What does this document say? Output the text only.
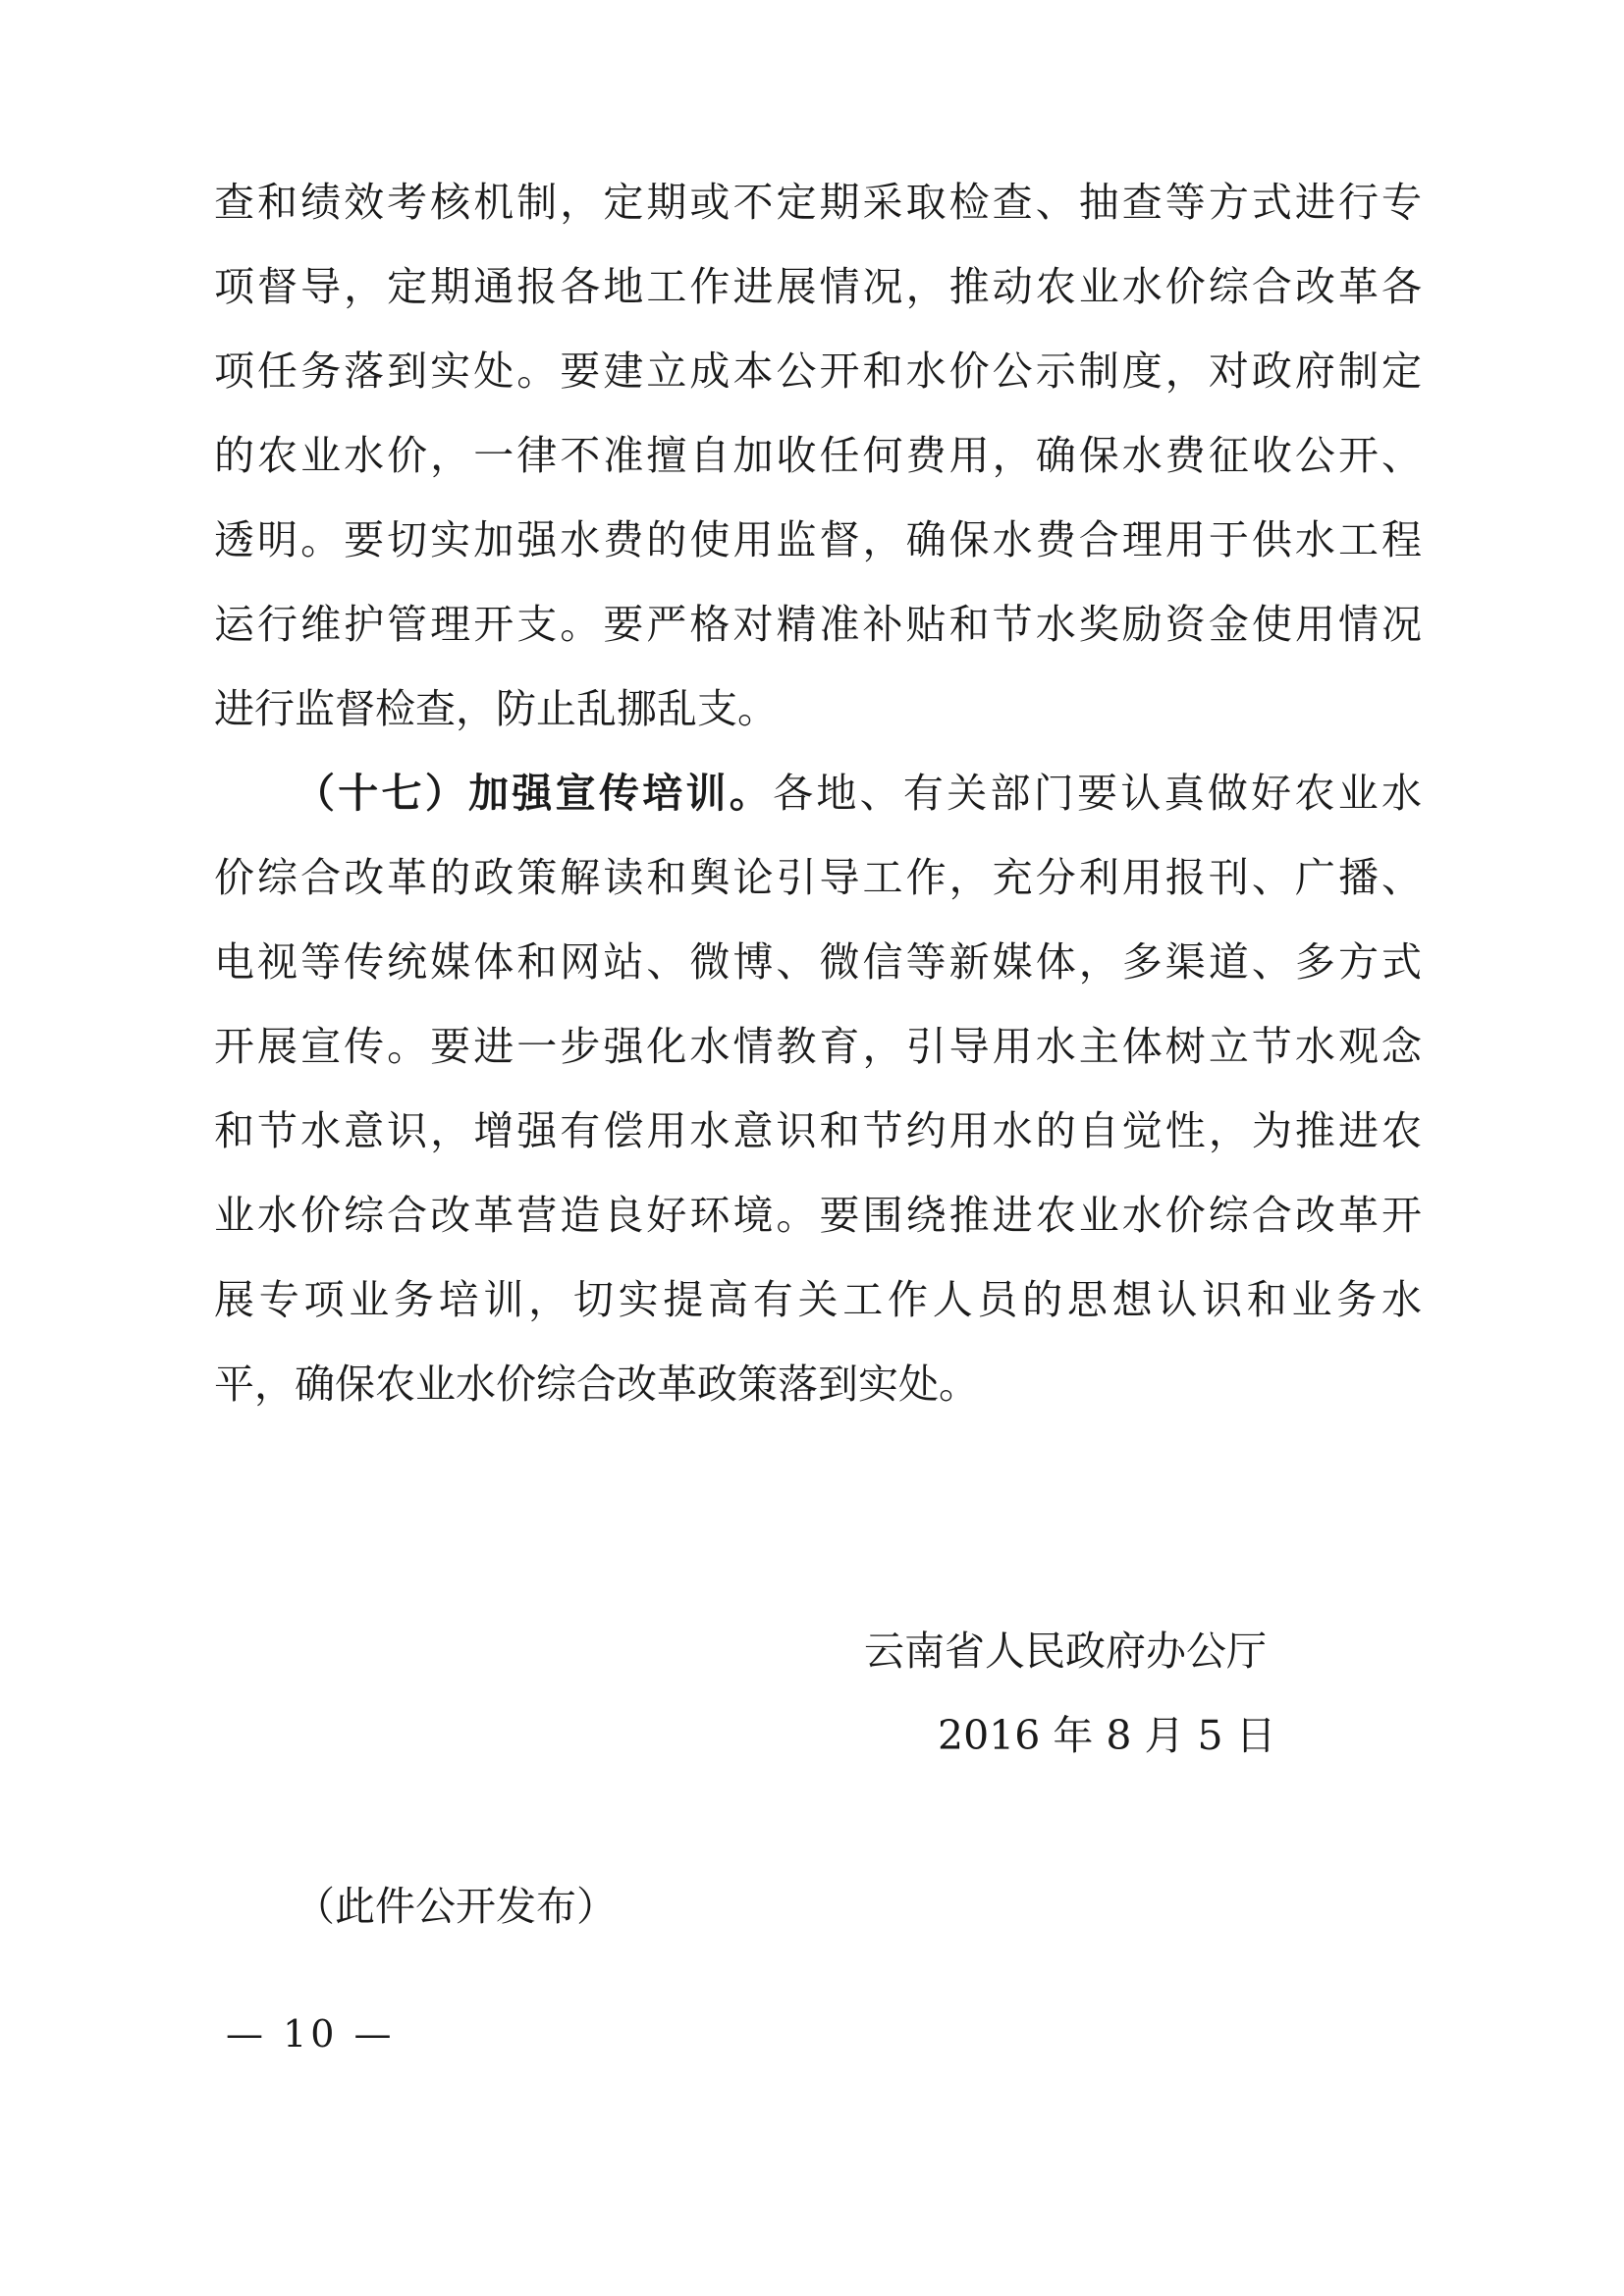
查和绩效考核机制，定期或不定期采取检查、抽查等方式进行专
项督导，定期通报各地工作进展情况，推动农业水价综合改革各
项任务落到实处。要建立成本公开和水价公示制度，对政府制定
的农业水价，一律不准擅自加收任何费用，确保水费征收公开、
透明。要切实加强水费的使用监督，确保水费合理用于供水工程
运行维护管理开支。要严格对精准补贴和节水奖励资金使用情况
进行监督检查，防止乱挪乱支。
（十七）加强宣传培训。各地、有关部门要认真做好农业水
价综合改革的政策解读和舆论引导工作，充分利用报刊、广播、
电视等传统媒体和网站、微博、微信等新媒体，多渠道、多方式
开展宣传。要进一步强化水情教育，引导用水主体树立节水观念
和节水意识，增强有偿用水意识和节约用水的自觉性，为推进农
业水价综合改革营造良好环境。要围绕推进农业水价综合改革开
展专项业务培训，切实提高有关工作人员的思想认识和业务水
平，确保农业水价综合改革政策落到实处。
云南省人民政府办公厅
2016 年 8 月 5 日
（此件公开发布）
— 10 —
